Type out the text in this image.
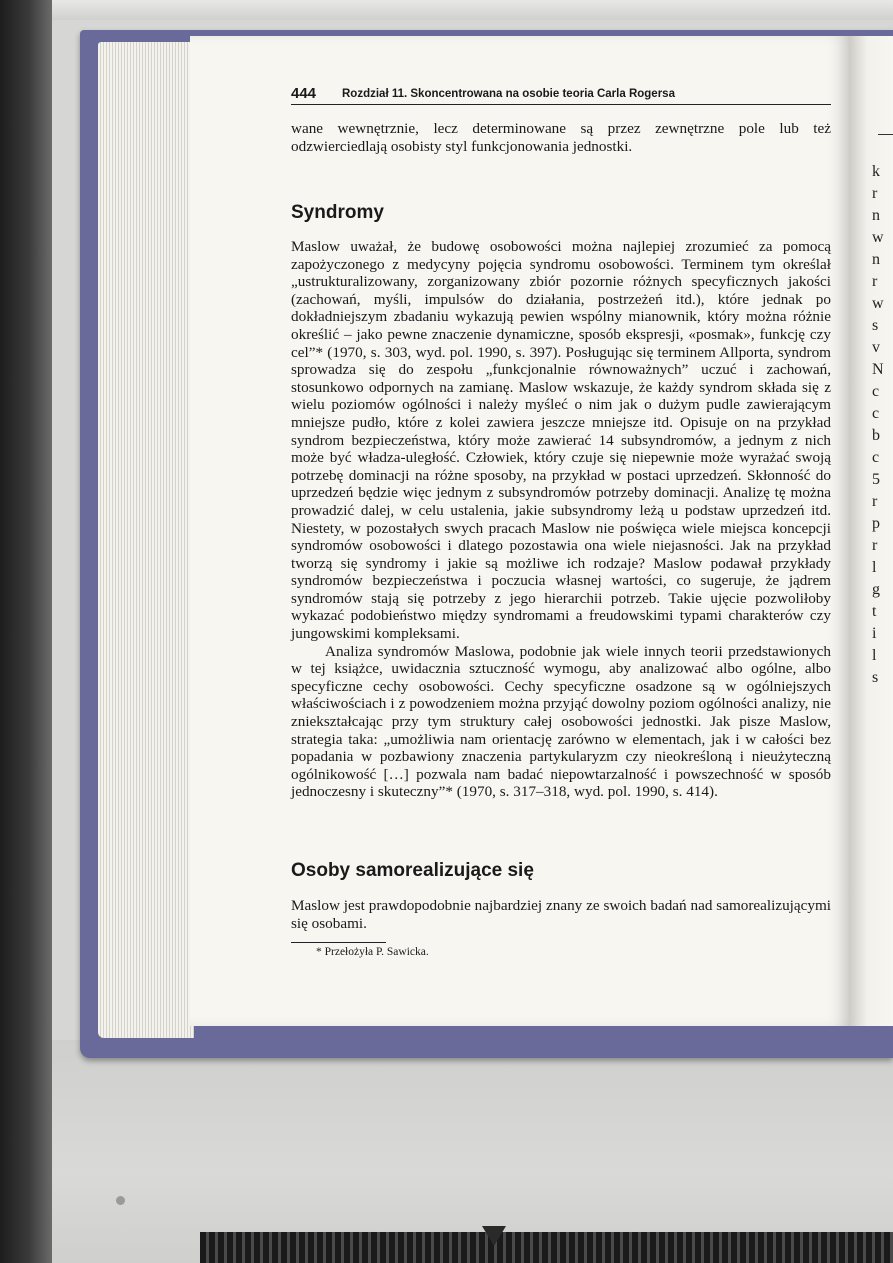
k
r
n
w
n
r
w
s
v
N
c
c
b
c
5
r
p
r
l
g
t
i
l
s
444 Rozdział 11. Skoncentrowana na osobie teoria Carla Rogersa

wane wewnętrznie, lecz determinowane są przez zewnętrzne pole lub też odzwierciedlają osobisty styl funkcjonowania jednostki.

Syndromy

Maslow uważał, że budowę osobowości można najlepiej zrozumieć za pomocą zapożyczonego z medycyny pojęcia syndromu osobowości. Terminem tym określał „ustrukturalizowany, zorganizowany zbiór pozornie różnych specyficznych jakości (zachowań, myśli, impulsów do działania, postrzeżeń itd.), które jednak po dokładniejszym zbadaniu wykazują pewien wspólny mianownik, który można różnie określić – jako pewne znaczenie dynamiczne, sposób ekspresji, «posmak», funkcję czy cel”* (1970, s. 303, wyd. pol. 1990, s. 397). Posługując się terminem Allporta, syndrom sprowadza się do zespołu „funkcjonalnie równoważnych” uczuć i zachowań, stosunkowo odpornych na zamianę. Maslow wskazuje, że każdy syndrom składa się z wielu poziomów ogólności i należy myśleć o nim jak o dużym pudle zawierającym mniejsze pudło, które z kolei zawiera jeszcze mniejsze itd. Opisuje on na przykład syndrom bezpieczeństwa, który może zawierać 14 subsyndromów, a jednym z nich może być władza-uległość. Człowiek, który czuje się niepewnie może wyrażać swoją potrzebę dominacji na różne sposoby, na przykład w postaci uprzedzeń. Skłonność do uprzedzeń będzie więc jednym z subsyndromów potrzeby dominacji. Analizę tę można prowadzić dalej, w celu ustalenia, jakie subsyndromy leżą u podstaw uprzedzeń itd. Niestety, w pozostałych swych pracach Maslow nie poświęca wiele miejsca koncepcji syndromów osobowości i dlatego pozostawia ona wiele niejasności. Jak na przykład tworzą się syndromy i jakie są możliwe ich rodzaje? Maslow podawał przykłady syndromów bezpieczeństwa i poczucia własnej wartości, co sugeruje, że jądrem syndromów stają się potrzeby z jego hierarchii potrzeb. Takie ujęcie pozwoliłoby wykazać podobieństwo między syndromami a freudowskimi typami charakterów czy jungowskimi kompleksami.

Analiza syndromów Maslowa, podobnie jak wiele innych teorii przedstawionych w tej książce, uwidacznia sztuczność wymogu, aby analizować albo ogólne, albo specyficzne cechy osobowości. Cechy specyficzne osadzone są w ogólniejszych właściwościach i z powodzeniem można przyjąć dowolny poziom ogólności analizy, nie zniekształcając przy tym struktury całej osobowości jednostki. Jak pisze Maslow, strategia taka: „umożliwia nam orientację zarówno w elementach, jak i w całości bez popadania w pozbawiony znaczenia partykularyzm czy nieokreśloną i nieużyteczną ogólnikowość […] pozwala nam badać niepowtarzalność i powszechność w sposób jednoczesny i skuteczny”* (1970, s. 317–318, wyd. pol. 1990, s. 414).

Osoby samorealizujące się

Maslow jest prawdopodobnie najbardziej znany ze swoich badań nad samorealizującymi się osobami.

* Przełożyła P. Sawicka.
